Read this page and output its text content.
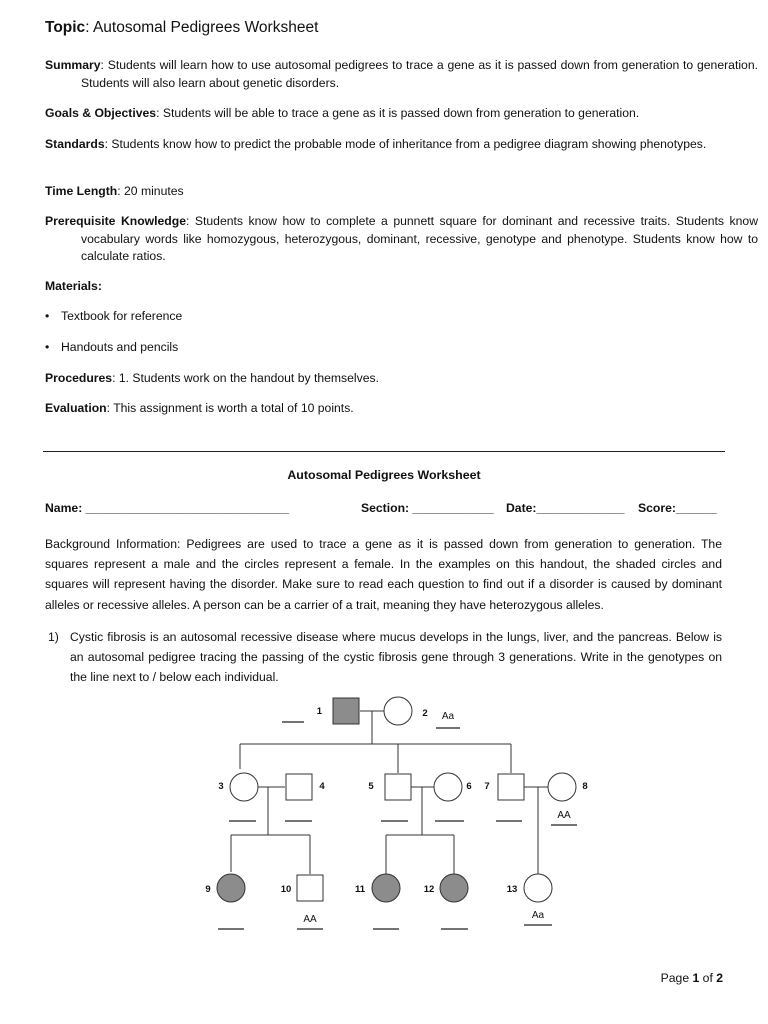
Topic: Autosomal Pedigrees Worksheet
Summary: Students will learn how to use autosomal pedigrees to trace a gene as it is passed down from generation to generation. Students will also learn about genetic disorders.
Goals & Objectives: Students will be able to trace a gene as it is passed down from generation to generation.
Standards: Students know how to predict the probable mode of inheritance from a pedigree diagram showing phenotypes.
Time Length: 20 minutes
Prerequisite Knowledge: Students know how to complete a punnett square for dominant and recessive traits. Students know vocabulary words like homozygous, heterozygous, dominant, recessive, genotype and phenotype. Students know how to calculate ratios.
Materials:
• Textbook for reference
• Handouts and pencils
Procedures: 1. Students work on the handout by themselves.
Evaluation: This assignment is worth a total of 10 points.
Autosomal Pedigrees Worksheet
Name: ______________________________	Section: ____________ Date:_____________ Score:______
Background Information: Pedigrees are used to trace a gene as it is passed down from generation to generation. The squares represent a male and the circles represent a female. In the examples on this handout, the shaded circles and squares will represent having the disorder. Make sure to read each question to find out if a disorder is caused by dominant alleles or recessive alleles. A person can be a carrier of a trait, meaning they have heterozygous alleles.
1) Cystic fibrosis is an autosomal recessive disease where mucus develops in the lungs, liver, and the pancreas. Below is an autosomal pedigree tracing the passing of the cystic fibrosis gene through 3 generations. Write in the genotypes on the line next to / below each individual.
1	2 Aa
3	4	5	6 7	8
AA
9	10
AA
11	12	13
Aa
Page 1 of 2
